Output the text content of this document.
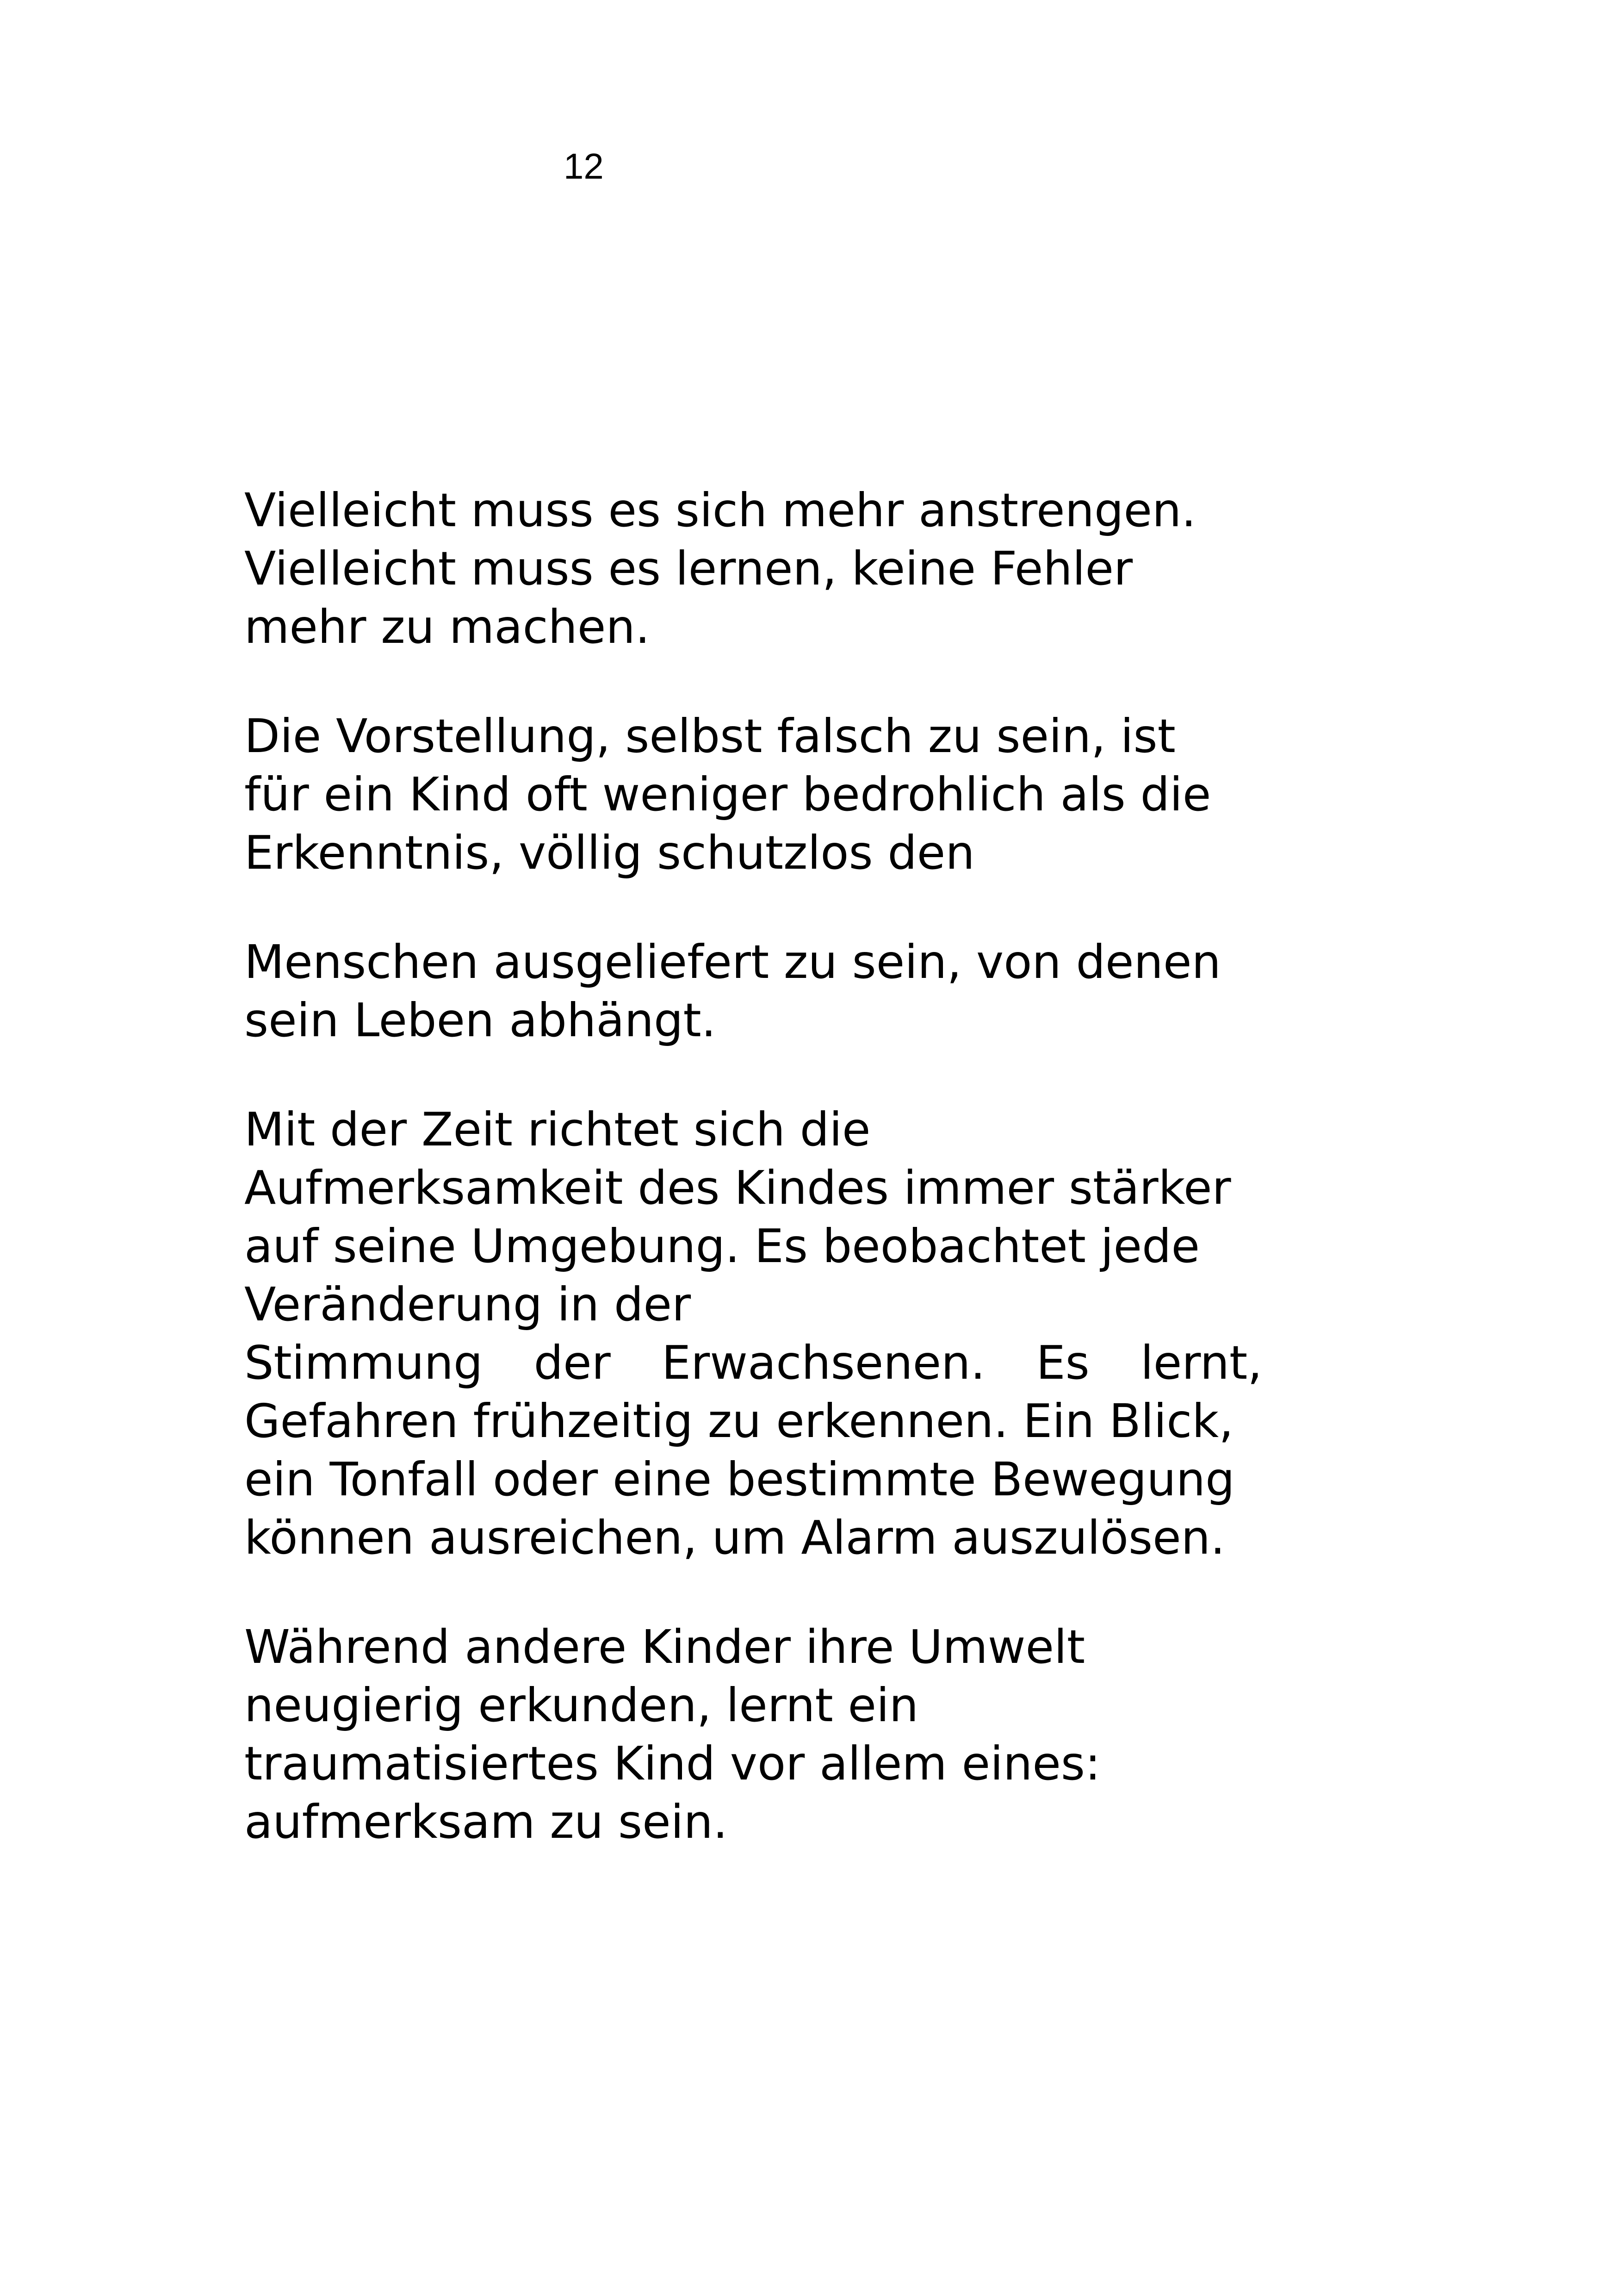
12
Vielleicht muss es sich mehr anstrengen.
Vielleicht muss es lernen, keine Fehler
mehr zu machen.
Die Vorstellung, selbst falsch zu sein, ist
für ein Kind oft weniger bedrohlich als die
Erkenntnis, völlig schutzlos den
Menschen ausgeliefert zu sein, von denen
sein Leben abhängt.
Mit der Zeit richtet sich die
Aufmerksamkeit des Kindes immer stärker
auf seine Umgebung. Es beobachtet jede
Veränderung in der
Stimmung der Erwachsenen. Es lernt,
Gefahren frühzeitig zu erkennen. Ein Blick,
ein Tonfall oder eine bestimmte Bewegung
können ausreichen, um Alarm auszulösen.
Während andere Kinder ihre Umwelt
neugierig erkunden, lernt ein
traumatisiertes Kind vor allem eines:
aufmerksam zu sein.
